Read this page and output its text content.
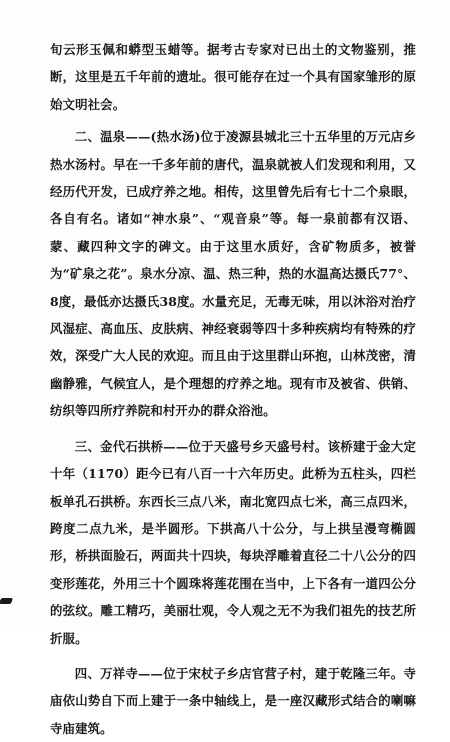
旬云形玉佩和蟒型玉蜡等。据考古专家对已出土的文物鉴别，推断，这里是五千年前的遗址。很可能存在过一个具有国家雏形的原始文明社会。

二、温泉——(热水汤)位于凌源县城北三十五华里的万元店乡热水汤村。早在一千多年前的唐代，温泉就被人们发现和利用，又经历代开发，已成疗养之地。相传，这里曾先后有七十二个泉眼，各自有名。诸如“神水泉”、“观音泉”等。每一泉前都有汉语、蒙、藏四种文字的碑文。由于这里水质好，含矿物质多，被誉为“矿泉之花”。泉水分凉、温、热三种，热的水温高达摄氏77°、8度，最低亦达摄氏38度。水量充足，无毒无味，用以沐浴对治疗风湿症、高血压、皮肤病、神经衰弱等四十多种疾病均有特殊的疗效，深受广大人民的欢迎。而且由于这里群山环抱，山林茂密，清幽静雅，气候宜人，是个理想的疗养之地。现有市及被省、供销、纺织等四所疗养院和村开办的群众浴池。

三、金代石拱桥——位于天盛号乡天盛号村。该桥建于金大定十年（1170）距今已有八百一十六年历史。此桥为五柱头，四栏板单孔石拱桥。东西长三点八米，南北宽四点七米，高三点四米，跨度二点九米，是半圆形。下拱高八十公分，与上拱呈漫弯椭圆形，桥拱面脸石，两面共十四块，每块浮雕着直径二十八公分的四变形莲花，外用三十个圆珠将莲花围在当中，上下各有一道四公分的弦纹。雕工精巧，美丽壮观，令人观之无不为我们祖先的技艺所折服。

四、万祥寺——位于宋杖子乡店官营子村，建于乾隆三年。寺庙依山势自下而上建于一条中轴线上，是一座汉藏形式结合的喇嘛寺庙建筑。
